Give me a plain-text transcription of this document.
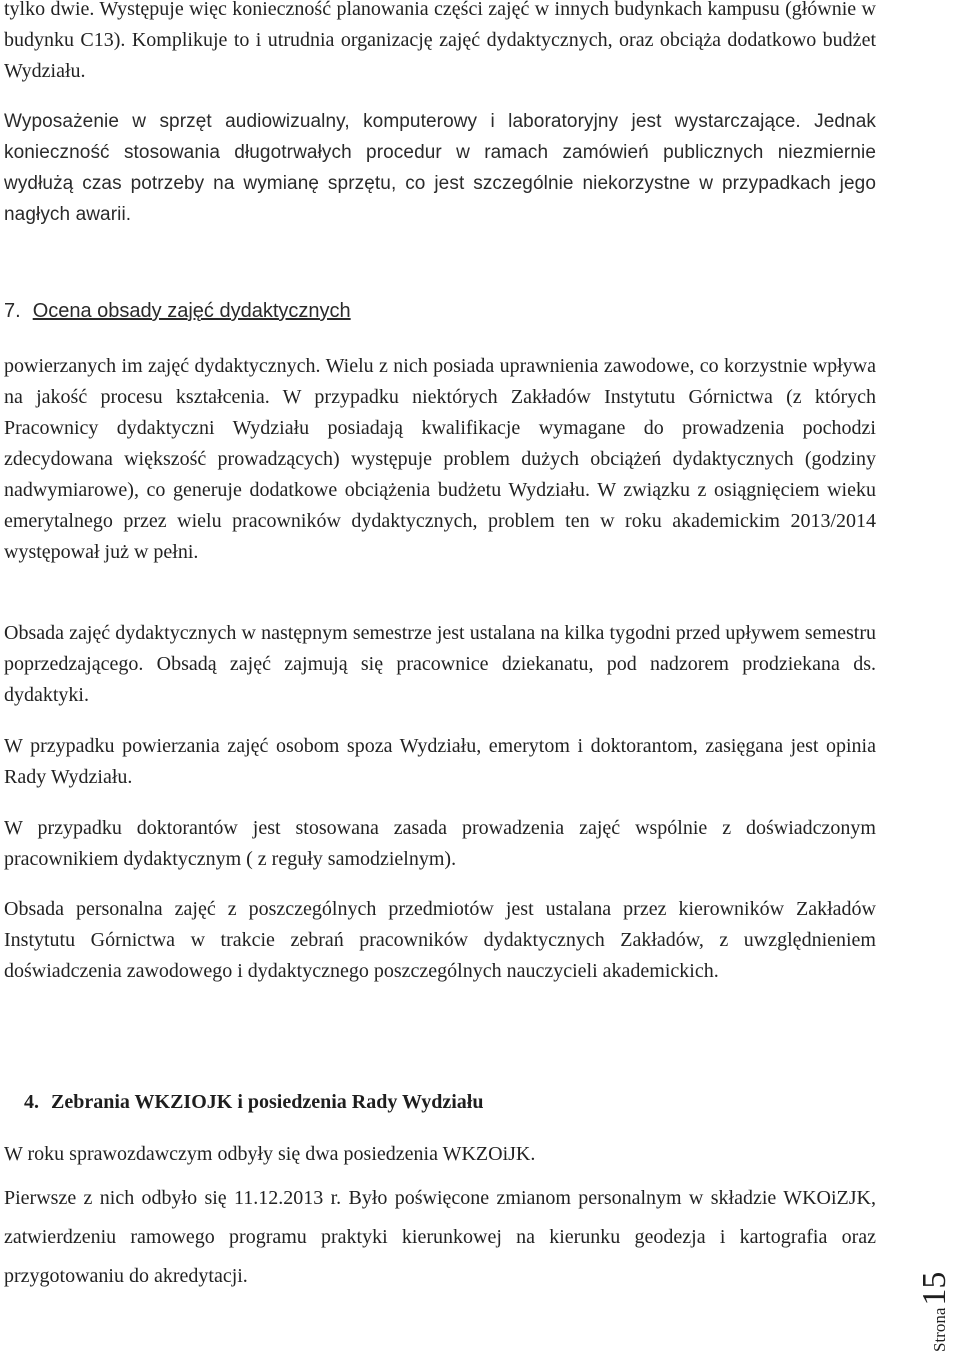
tylko dwie. Występuje więc konieczność planowania części zajęć w innych budynkach kampusu (głównie w budynku C13). Komplikuje to i utrudnia organizację zajęć dydaktycznych, oraz obciąża dodatkowo budżet Wydziału.

Wyposażenie w sprzęt audiowizualny, komputerowy i laboratoryjny jest wystarczające. Jednak konieczność stosowania długotrwałych procedur w ramach zamówień publicznych niezmiernie wydłużą czas potrzeby na wymianę sprzętu, co jest szczególnie niekorzystne w przypadkach jego nagłych awarii.

7. Ocena obsady zajęć dydaktycznych

powierzanych im zajęć dydaktycznych. Wielu z nich posiada uprawnienia zawodowe, co korzystnie wpływa na jakość procesu kształcenia. W przypadku niektórych Zakładów Instytutu Górnictwa (z których Pracownicy dydaktyczni Wydziału posiadają kwalifikacje wymagane do prowadzenia pochodzi zdecydowana większość prowadzących) występuje problem dużych obciążeń dydaktycznych (godziny nadwymiarowe), co generuje dodatkowe obciążenia budżetu Wydziału. W związku z osiągnięciem wieku emerytalnego przez wielu pracowników dydaktycznych, problem ten w roku akademickim 2013/2014 występował już w pełni.

Obsada zajęć dydaktycznych w następnym semestrze jest ustalana na kilka tygodni przed upływem semestru poprzedzającego. Obsadą zajęć zajmują się pracownice dziekanatu, pod nadzorem prodziekana ds. dydaktyki.

W przypadku powierzania zajęć osobom spoza Wydziału, emerytom i doktorantom, zasięgana jest opinia Rady Wydziału.

W przypadku doktorantów jest stosowana zasada prowadzenia zajęć wspólnie z doświadczonym pracownikiem dydaktycznym ( z reguły samodzielnym).

Obsada personalna zajęć z poszczególnych przedmiotów jest ustalana przez kierowników Zakładów Instytutu Górnictwa w trakcie zebrań pracowników dydaktycznych Zakładów, z uwzględnieniem doświadczenia zawodowego i dydaktycznego poszczególnych nauczycieli akademickich.

4. Zebrania WKZIOJK i posiedzenia Rady Wydziału

W roku sprawozdawczym odbyły się dwa posiedzenia WKZOiJK.

Pierwsze z nich odbyło się 11.12.2013 r. Było poświęcone zmianom personalnym w składzie WKOiZJK, zatwierdzeniu ramowego programu praktyki kierunkowej na kierunku geodezja i kartografia oraz przygotowaniu do akredytacji.

Strona15
